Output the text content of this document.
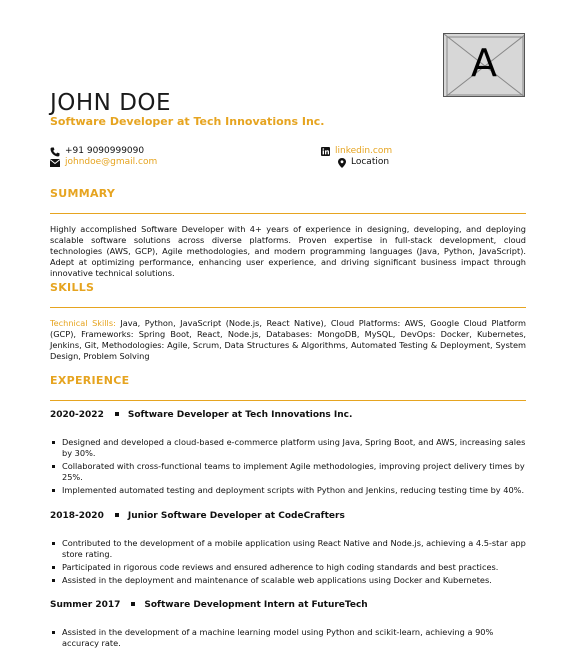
A
JOHN DOE
Software Developer at Tech Innovations Inc.
+91 9090999090
johndoe@gmail.com
linkedin.com
Location
SUMMARY

Highly accomplished Software Developer with 4+ years of experience in designing, developing, and deploying scalable software solutions across diverse platforms. Proven expertise in full-stack development, cloud technologies (AWS, GCP), Agile methodologies, and modern programming languages (Java, Python, JavaScript). Adept at optimizing performance, enhancing user experience, and driving significant business impact through innovative technical solutions.

SKILLS

Technical Skills: Java, Python, JavaScript (Node.js, React Native), Cloud Platforms: AWS, Google Cloud Platform (GCP), Frameworks: Spring Boot, React, Node.js, Databases: MongoDB, MySQL, DevOps: Docker, Kubernetes, Jenkins, Git, Methodologies: Agile, Scrum, Data Structures & Algorithms, Automated Testing & Deployment, System Design, Problem Solving

EXPERIENCE
2020-2022	Software Developer at Tech Innovations Inc.
Designed and developed a cloud-based e-commerce platform using Java, Spring Boot, and AWS, increasing sales by 30%.
Collaborated with cross-functional teams to implement Agile methodologies, improving project delivery times by 25%.
Implemented automated testing and deployment scripts with Python and Jenkins, reducing testing time by 40%.
2018-2020	Junior Software Developer at CodeCrafters
Contributed to the development of a mobile application using React Native and Node.js, achieving a 4.5-star app store rating.
Participated in rigorous code reviews and ensured adherence to high coding standards and best practices.
Assisted in the deployment and maintenance of scalable web applications using Docker and Kubernetes.
Summer 2017	Software Development Intern at FutureTech
Assisted in the development of a machine learning model using Python and scikit-learn, achieving a 90% accuracy rate.
